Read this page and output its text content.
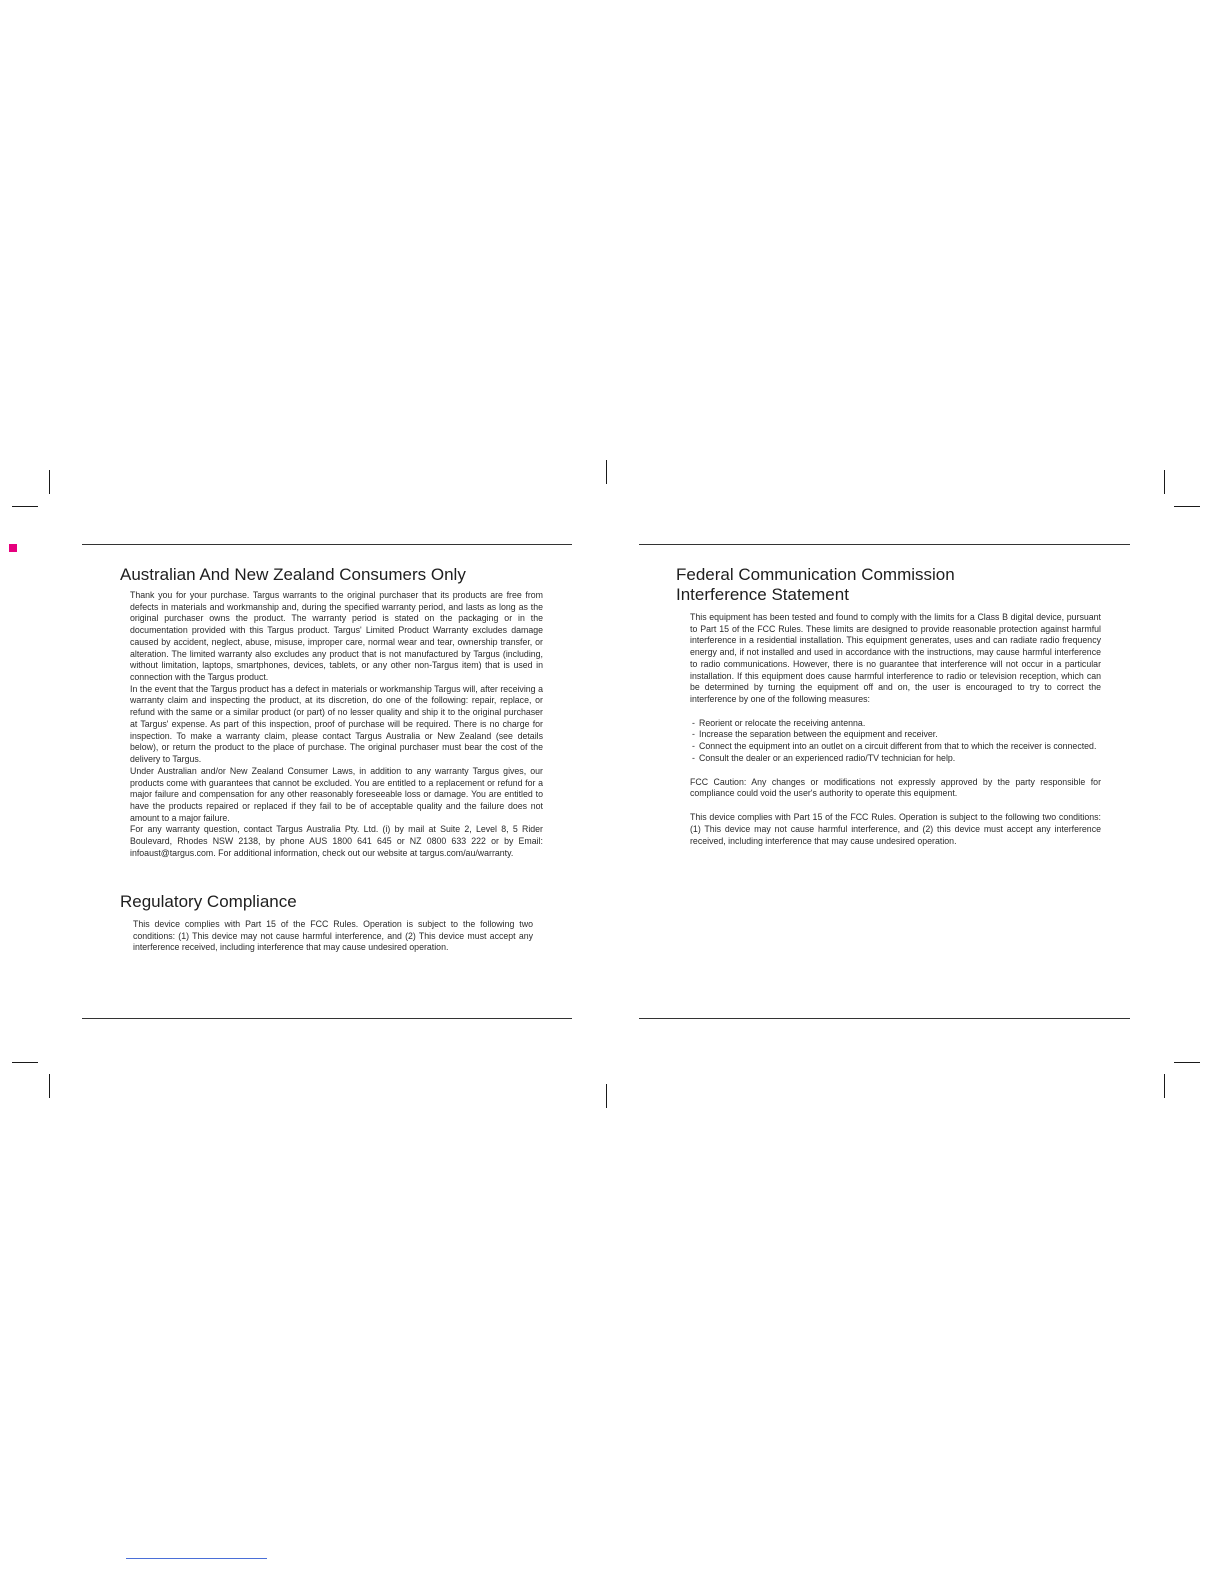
Australian And New Zealand Consumers Only

Thank you for your purchase. Targus warrants to the original purchaser that its products are free from defects in materials and workmanship and, during the specified warranty period, and lasts as long as the original purchaser owns the product. The warranty period is stated on the packaging or in the documentation provided with this Targus product. Targus' Limited Product Warranty excludes damage caused by accident, neglect, abuse, misuse, improper care, normal wear and tear, ownership transfer, or alteration. The limited warranty also excludes any product that is not manufactured by Targus (including, without limitation, laptops, smartphones, devices, tablets, or any other non-Targus item) that is used in connection with the Targus product.

In the event that the Targus product has a defect in materials or workmanship Targus will, after receiving a warranty claim and inspecting the product, at its discretion, do one of the following: repair, replace, or refund with the same or a similar product (or part) of no lesser quality and ship it to the original purchaser at Targus' expense. As part of this inspection, proof of purchase will be required. There is no charge for inspection. To make a warranty claim, please contact Targus Australia or New Zealand (see details below), or return the product to the place of purchase. The original purchaser must bear the cost of the delivery to Targus.

Under Australian and/or New Zealand Consumer Laws, in addition to any warranty Targus gives, our products come with guarantees that cannot be excluded. You are entitled to a replacement or refund for a major failure and compensation for any other reasonably foreseeable loss or damage. You are entitled to have the products repaired or replaced if they fail to be of acceptable quality and the failure does not amount to a major failure.

For any warranty question, contact Targus Australia Pty. Ltd. (i) by mail at Suite 2, Level 8, 5 Rider Boulevard, Rhodes NSW 2138, by phone AUS 1800 641 645 or NZ 0800 633 222 or by Email: infoaust@targus.com. For additional information, check out our website at targus.com/au/warranty.

Regulatory Compliance

This device complies with Part 15 of the FCC Rules. Operation is subject to the following two conditions: (1) This device may not cause harmful interference, and (2) This device must accept any interference received, including interference that may cause undesired operation.

Federal Communication Commission
Interference Statement

This equipment has been tested and found to comply with the limits for a Class B digital device, pursuant to Part 15 of the FCC Rules. These limits are designed to provide reasonable protection against harmful interference in a residential installation. This equipment generates, uses and can radiate radio frequency energy and, if not installed and used in accordance with the instructions, may cause harmful interference to radio communications. However, there is no guarantee that interference will not occur in a particular installation. If this equipment does cause harmful interference to radio or television reception, which can be determined by turning the equipment off and on, the user is encouraged to try to correct the interference by one of the following measures:

- Reorient or relocate the receiving antenna.
- Increase the separation between the equipment and receiver.
- Connect the equipment into an outlet on a circuit different from that to which the receiver is connected.
- Consult the dealer or an experienced radio/TV technician for help.

FCC Caution: Any changes or modifications not expressly approved by the party responsible for compliance could void the user's authority to operate this equipment.

This device complies with Part 15 of the FCC Rules. Operation is subject to the following two conditions: (1) This device may not cause harmful interference, and (2) this device must accept any interference received, including interference that may cause undesired operation.
